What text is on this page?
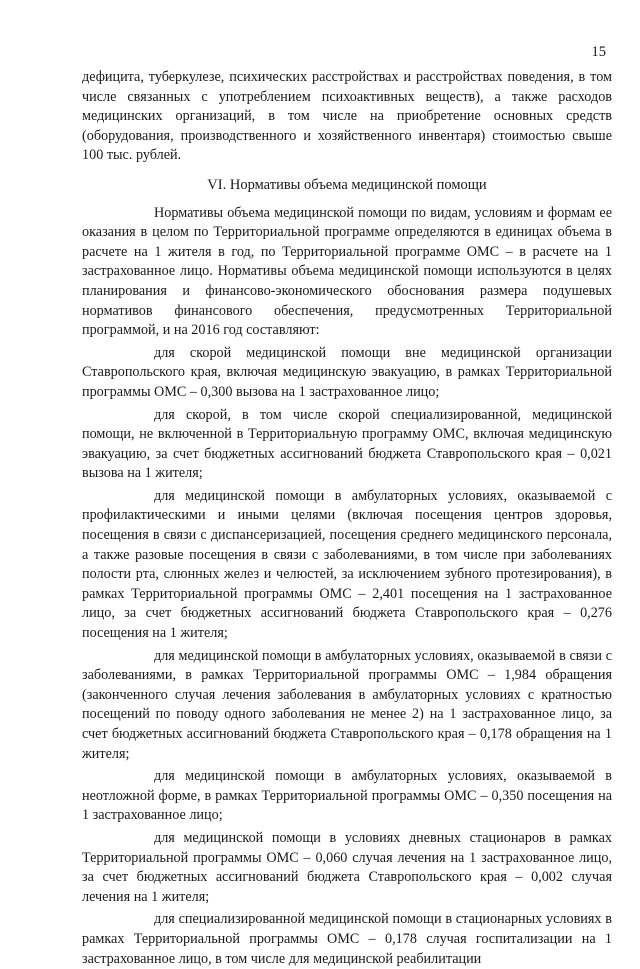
15

дефицита, туберкулезе, психических расстройствах и расстройствах поведения, в том числе связанных с употреблением психоактивных веществ), а также расходов медицинских организаций, в том числе на приобретение основных средств (оборудования, производственного и хозяйственного инвентаря) стоимостью свыше 100 тыс. рублей.

VI. Нормативы объема медицинской помощи

Нормативы объема медицинской помощи по видам, условиям и формам ее оказания в целом по Территориальной программе определяются в единицах объема в расчете на 1 жителя в год, по Территориальной программе ОМС – в расчете на 1 застрахованное лицо. Нормативы объема медицинской помощи используются в целях планирования и финансово-экономического обоснования размера подушевых нормативов финансового обеспечения, предусмотренных Территориальной программой, и на 2016 год составляют:

для скорой медицинской помощи вне медицинской организации Ставропольского края, включая медицинскую эвакуацию, в рамках Территориальной программы ОМС – 0,300 вызова на 1 застрахованное лицо;

для скорой, в том числе скорой специализированной, медицинской помощи, не включенной в Территориальную программу ОМС, включая медицинскую эвакуацию, за счет бюджетных ассигнований бюджета Ставропольского края – 0,021 вызова на 1 жителя;

для медицинской помощи в амбулаторных условиях, оказываемой с профилактическими и иными целями (включая посещения центров здоровья, посещения в связи с диспансеризацией, посещения среднего медицинского персонала, а также разовые посещения в связи с заболеваниями, в том числе при заболеваниях полости рта, слюнных желез и челюстей, за исключением зубного протезирования), в рамках Территориальной программы ОМС – 2,401 посещения на 1 застрахованное лицо, за счет бюджетных ассигнований бюджета Ставропольского края – 0,276 посещения на 1 жителя;

для медицинской помощи в амбулаторных условиях, оказываемой в связи с заболеваниями, в рамках Территориальной программы ОМС – 1,984 обращения (законченного случая лечения заболевания в амбулаторных условиях с кратностью посещений по поводу одного заболевания не менее 2) на 1 застрахованное лицо, за счет бюджетных ассигнований бюджета Ставропольского края – 0,178 обращения на 1 жителя;

для медицинской помощи в амбулаторных условиях, оказываемой в неотложной форме, в рамках Территориальной программы ОМС – 0,350 посещения на 1 застрахованное лицо;

для медицинской помощи в условиях дневных стационаров в рамках Территориальной программы ОМС – 0,060 случая лечения на 1 застрахованное лицо, за счет бюджетных ассигнований бюджета Ставропольского края – 0,002 случая лечения на 1 жителя;

для специализированной медицинской помощи в стационарных условиях в рамках Территориальной программы ОМС – 0,178 случая госпитализации на 1 застрахованное лицо, в том числе для медицинской реабилитации
